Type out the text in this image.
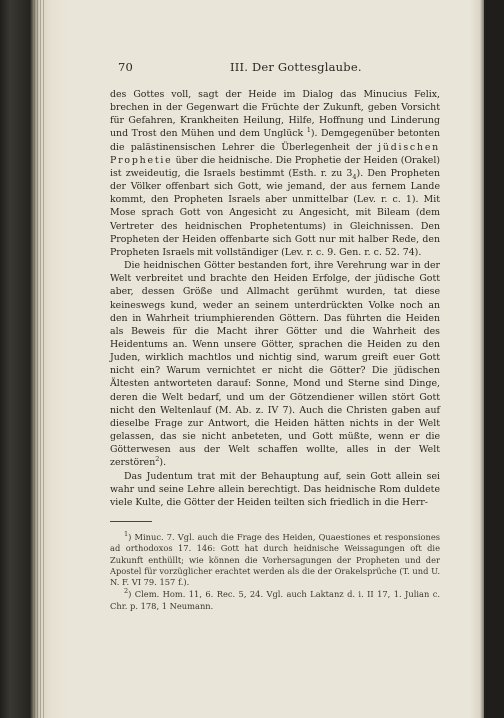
70	III. Der Gottesglaube.

des Gottes voll, sagt der Heide im Dialog das Minucius Felix, brechen in der Gegenwart die Früchte der Zukunft, geben Vorsicht für Gefahren, Krankheiten Heilung, Hilfe, Hoffnung und Linderung und Trost den Mühen und dem Unglück $^1$). Demgegenüber betonten die palästinensischen Lehrer die Überlegenheit der jüdischen Prophetie über die heidnische. Die Prophetie der Heiden (Orakel) ist zweideutig, die Israels bestimmt (Esth. r. zu $3_4$). Den Propheten der Völker offenbart sich Gott, wie jemand, der aus fernem Lande kommt, den Propheten Israels aber unmittelbar (Lev. r. c. 1). Mit Mose sprach Gott von Angesicht zu Angesicht, mit Bileam (dem Vertreter des heidnischen Prophetentums) in Gleichnissen. Den Propheten der Heiden offenbarte sich Gott nur mit halber Rede, den Propheten Israels mit vollständiger (Lev. r. c. 9. Gen. r. c. 52. 74).

Die heidnischen Götter bestanden fort, ihre Verehrung war in der Welt verbreitet und brachte den Heiden Erfolge, der jüdische Gott aber, dessen Größe und Allmacht gerühmt wurden, tat diese keineswegs kund, weder an seinem unterdrückten Volke noch an den in Wahrheit triumphierenden Göttern. Das führten die Heiden als Beweis für die Macht ihrer Götter und die Wahrheit des Heidentums an. Wenn unsere Götter, sprachen die Heiden zu den Juden, wirklich machtlos und nichtig sind, warum greift euer Gott nicht ein? Warum vernichtet er nicht die Götter? Die jüdischen Ältesten antworteten darauf: Sonne, Mond und Sterne sind Dinge, deren die Welt bedarf, und um der Götzendiener willen stört Gott nicht den Weltenlauf (M. Ab. z. IV 7). Auch die Christen gaben auf dieselbe Frage zur Antwort, die Heiden hätten nichts in der Welt gelassen, das sie nicht anbeteten, und Gott müßte, wenn er die Götterwesen aus der Welt schaffen wollte, alles in der Welt zerstören$^2$).

Das Judentum trat mit der Behauptung auf, sein Gott allein sei wahr und seine Lehre allein berechtigt. Das heidnische Rom duldete viele Kulte, die Götter der Heiden teilten sich friedlich in die Herr-

$^1$) Minuc. 7. Vgl. auch die Frage des Heiden, Quaestiones et responsiones ad orthodoxos 17. 146: Gott hat durch heidnische Weissagungen oft die Zukunft enthüllt; wie können die Vorhersagungen der Propheten und der Apostel für vorzüglicher erachtet werden als die der Orakelsprüche (T. und U. N. F. VI 79. 157 f.).

$^2$) Clem. Hom. 11, 6. Rec. 5, 24. Vgl. auch Laktanz d. i. II 17, 1. Julian c. Chr. p. 178, 1 Neumann.
